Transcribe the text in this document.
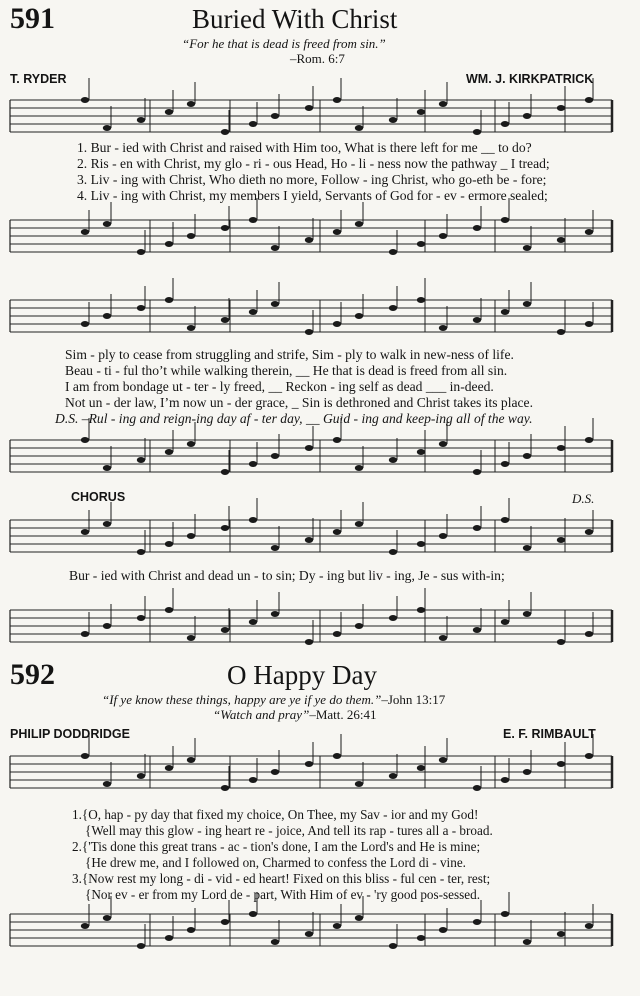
591	Buried With Christ
“For he that is dead is freed from sin.”
–Rom. 6:7
T. RYDER	WM. J. KIRKPATRICK
1. Bur - ied with Christ and raised with Him too, What is there left for me __ to do?
2. Ris - en with Christ, my glo - ri - ous Head, Ho - li - ness now the pathway _ I tread;
3. Liv - ing with Christ, Who dieth no more, Follow - ing Christ, who go-eth be - fore;
4. Liv - ing with Christ, my members I yield, Servants of God for - ev - ermore sealed;
Sim - ply to cease from struggling and strife, Sim - ply to walk in new-ness of life.
Beau - ti - ful tho’t while walking therein, __ He that is dead is freed from all sin.
I am from bondage ut - ter - ly freed, __ Reckon - ing self as dead ___ in-deed.
Not un - der law, I’m now un - der grace, _ Sin is dethroned and Christ takes its place.
D.S. –Rul - ing and reign-ing day af - ter day, __ Guid - ing and keep-ing all of the way.
CHORUS	D.S.
Bur - ied with Christ and dead un - to sin; Dy - ing but liv - ing, Je - sus with-in;
592	O Happy Day
“If ye know these things, happy are ye if ye do them.”–John 13:17
“Watch and pray”–Matt. 26:41
PHILIP DODDRIDGE	E. F. RIMBAULT
1.{O, hap - py day that fixed my choice, On Thee, my Sav - ior and my God!
{Well may this glow - ing heart re - joice, And tell its rap - tures all a - broad.
2.{'Tis done this great trans - ac - tion's done, I am the Lord's and He is mine;
{He drew me, and I followed on, Charmed to confess the Lord di - vine.
3.{Now rest my long - di - vid - ed heart! Fixed on this bliss - ful cen - ter, rest;
{Nor ev - er from my Lord de - part, With Him of ev - 'ry good pos-sessed.
